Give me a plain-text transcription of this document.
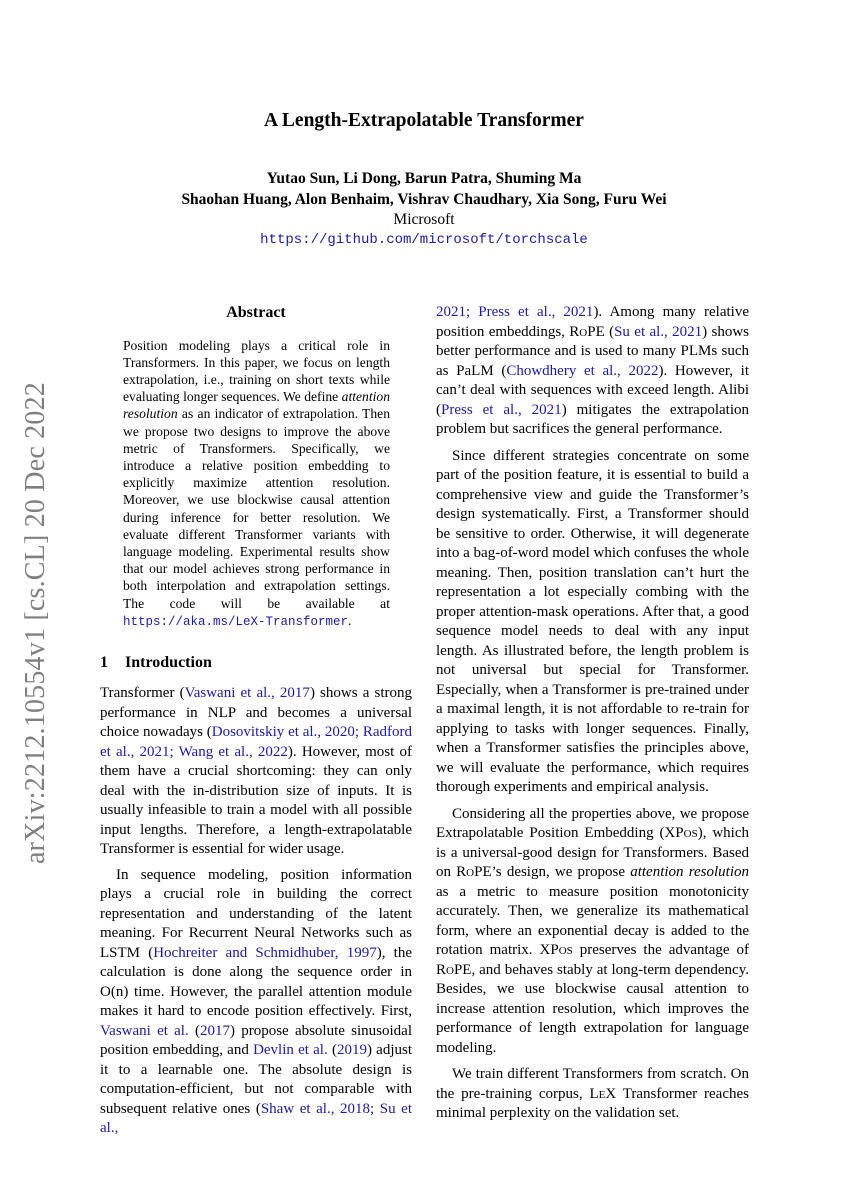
arXiv:2212.10554v1 [cs.CL] 20 Dec 2022
A Length-Extrapolatable Transformer
Yutao Sun, Li Dong, Barun Patra, Shuming Ma
Shaohan Huang, Alon Benhaim, Vishrav Chaudhary, Xia Song, Furu Wei
Microsoft
https://github.com/microsoft/torchscale
Abstract
Position modeling plays a critical role in Transformers. In this paper, we focus on length extrapolation, i.e., training on short texts while evaluating longer sequences. We define attention resolution as an indicator of extrapolation. Then we propose two designs to improve the above metric of Transformers. Specifically, we introduce a relative position embedding to explicitly maximize attention resolution. Moreover, we use blockwise causal attention during inference for better resolution. We evaluate different Transformer variants with language modeling. Experimental results show that our model achieves strong performance in both interpolation and extrapolation settings. The code will be available at https://aka.ms/LeX-Transformer.
1 Introduction

Transformer (Vaswani et al., 2017) shows a strong performance in NLP and becomes a universal choice nowadays (Dosovitskiy et al., 2020; Radford et al., 2021; Wang et al., 2022). However, most of them have a crucial shortcoming: they can only deal with the in-distribution size of inputs. It is usually infeasible to train a model with all possible input lengths. Therefore, a length-extrapolatable Transformer is essential for wider usage.

In sequence modeling, position information plays a crucial role in building the correct representation and understanding of the latent meaning. For Recurrent Neural Networks such as LSTM (Hochreiter and Schmidhuber, 1997), the calculation is done along the sequence order in O(n) time. However, the parallel attention module makes it hard to encode position effectively. First, Vaswani et al. (2017) propose absolute sinusoidal position embedding, and Devlin et al. (2019) adjust it to a learnable one. The absolute design is computation-efficient, but not comparable with subsequent relative ones (Shaw et al., 2018; Su et al.,

2021; Press et al., 2021). Among many relative position embeddings, RoPE (Su et al., 2021) shows better performance and is used to many PLMs such as PaLM (Chowdhery et al., 2022). However, it can’t deal with sequences with exceed length. Alibi (Press et al., 2021) mitigates the extrapolation problem but sacrifices the general performance.

Since different strategies concentrate on some part of the position feature, it is essential to build a comprehensive view and guide the Transformer’s design systematically. First, a Transformer should be sensitive to order. Otherwise, it will degenerate into a bag-of-word model which confuses the whole meaning. Then, position translation can’t hurt the representation a lot especially combing with the proper attention-mask operations. After that, a good sequence model needs to deal with any input length. As illustrated before, the length problem is not universal but special for Transformer. Especially, when a Transformer is pre-trained under a maximal length, it is not affordable to re-train for applying to tasks with longer sequences. Finally, when a Transformer satisfies the principles above, we will evaluate the performance, which requires thorough experiments and empirical analysis.

Considering all the properties above, we propose Extrapolatable Position Embedding (XPos), which is a universal-good design for Transformers. Based on RoPE’s design, we propose attention resolution as a metric to measure position monotonicity accurately. Then, we generalize its mathematical form, where an exponential decay is added to the rotation matrix. XPos preserves the advantage of RoPE, and behaves stably at long-term dependency. Besides, we use blockwise causal attention to increase attention resolution, which improves the performance of length extrapolation for language modeling.

We train different Transformers from scratch. On the pre-training corpus, LeX Transformer reaches minimal perplexity on the validation set.
